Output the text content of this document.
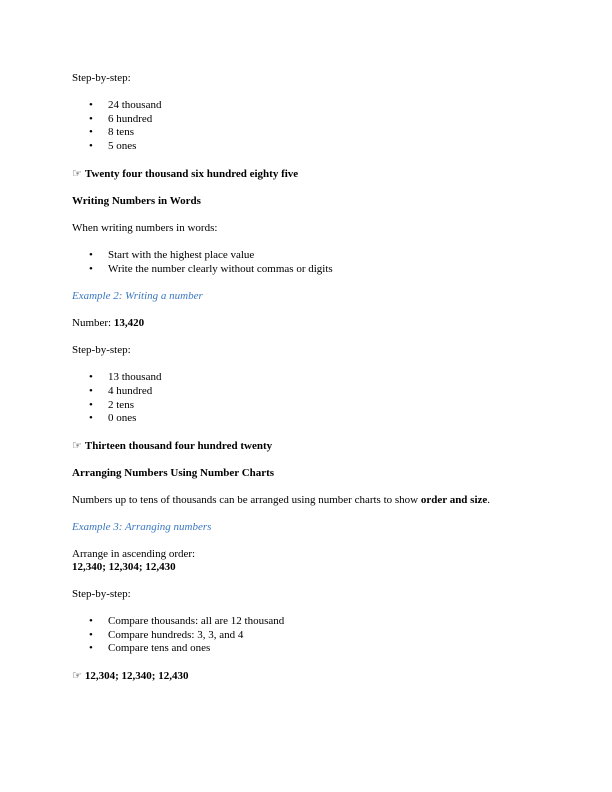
Step-by-step:

• 24 thousand
• 6 hundred
• 8 tens
• 5 ones

☞ Twenty four thousand six hundred eighty five

Writing Numbers in Words

When writing numbers in words:

• Start with the highest place value
• Write the number clearly without commas or digits

Example 2: Writing a number

Number: 13,420

Step-by-step:

• 13 thousand
• 4 hundred
• 2 tens
• 0 ones

☞ Thirteen thousand four hundred twenty

Arranging Numbers Using Number Charts

Numbers up to tens of thousands can be arranged using number charts to show order and size.

Example 3: Arranging numbers

Arrange in ascending order:

12,340; 12,304; 12,430

Step-by-step:

• Compare thousands: all are 12 thousand
• Compare hundreds: 3, 3, and 4
• Compare tens and ones

☞ 12,304; 12,340; 12,430
